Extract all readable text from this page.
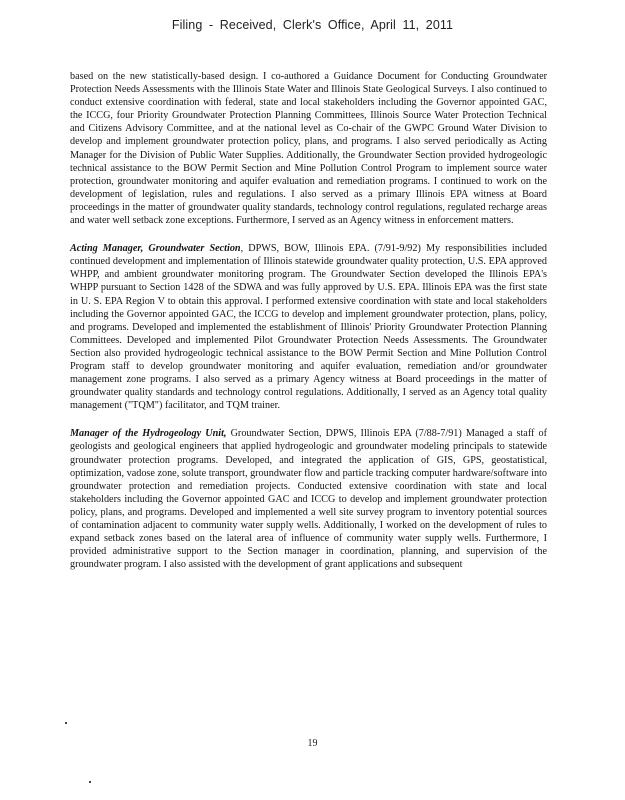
Filing - Received, Clerk's Office, April 11, 2011

based on the new statistically-based design. I co-authored a Guidance Document for Conducting Groundwater Protection Needs Assessments with the Illinois State Water and Illinois State Geological Surveys. I also continued to conduct extensive coordination with federal, state and local stakeholders including the Governor appointed GAC, the ICCG, four Priority Groundwater Protection Planning Committees, Illinois Source Water Protection Technical and Citizens Advisory Committee, and at the national level as Co-chair of the GWPC Ground Water Division to develop and implement groundwater protection policy, plans, and programs. I also served periodically as Acting Manager for the Division of Public Water Supplies. Additionally, the Groundwater Section provided hydrogeologic technical assistance to the BOW Permit Section and Mine Pollution Control Program to implement source water protection, groundwater monitoring and aquifer evaluation and remediation programs. I continued to work on the development of legislation, rules and regulations. I also served as a primary Illinois EPA witness at Board proceedings in the matter of groundwater quality standards, technology control regulations, regulated recharge areas and water well setback zone exceptions. Furthermore, I served as an Agency witness in enforcement matters.

Acting Manager, Groundwater Section, DPWS, BOW, Illinois EPA. (7/91-9/92) My responsibilities included continued development and implementation of Illinois statewide groundwater quality protection, U.S. EPA approved WHPP, and ambient groundwater monitoring program. The Groundwater Section developed the Illinois EPA's WHPP pursuant to Section 1428 of the SDWA and was fully approved by U.S. EPA. Illinois EPA was the first state in U. S. EPA Region V to obtain this approval. I performed extensive coordination with state and local stakeholders including the Governor appointed GAC, the ICCG to develop and implement groundwater protection, plans, policy, and programs. Developed and implemented the establishment of Illinois' Priority Groundwater Protection Planning Committees. Developed and implemented Pilot Groundwater Protection Needs Assessments. The Groundwater Section also provided hydrogeologic technical assistance to the BOW Permit Section and Mine Pollution Control Program staff to develop groundwater monitoring and aquifer evaluation, remediation and/or groundwater management zone programs. I also served as a primary Agency witness at Board proceedings in the matter of groundwater quality standards and technology control regulations. Additionally, I served as an Agency total quality management ("TQM") facilitator, and TQM trainer.

Manager of the Hydrogeology Unit, Groundwater Section, DPWS, Illinois EPA (7/88-7/91) Managed a staff of geologists and geological engineers that applied hydrogeologic and groundwater modeling principals to statewide groundwater protection programs. Developed, and integrated the application of GIS, GPS, geostatistical, optimization, vadose zone, solute transport, groundwater flow and particle tracking computer hardware/software into groundwater protection and remediation projects. Conducted extensive coordination with state and local stakeholders including the Governor appointed GAC and ICCG to develop and implement groundwater protection policy, plans, and programs. Developed and implemented a well site survey program to inventory potential sources of contamination adjacent to community water supply wells. Additionally, I worked on the development of rules to expand setback zones based on the lateral area of influence of community water supply wells. Furthermore, I provided administrative support to the Section manager in coordination, planning, and supervision of the groundwater program. I also assisted with the development of grant applications and subsequent

19
